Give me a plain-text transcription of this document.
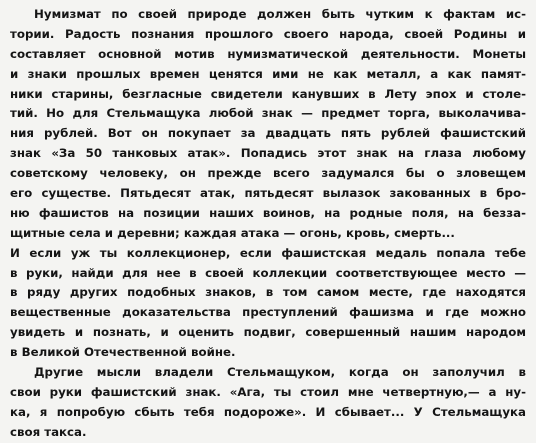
Нумизмат по своей природе должен быть чутким к фактам ис-
тории. Радость познания прошлого своего народа, своей Родины и
составляет основной мотив нумизматической деятельности. Монеты
и знаки прошлых времен ценятся ими не как металл, а как памят-
ники старины, безгласные свидетели канувших в Лету эпох и столе-
тий. Но для Стельмащука любой знак — предмет торга, выколачива-
ния рублей. Вот он покупает за двадцать пять рублей фашистский
знак «За 50 танковых атак». Попадись этот знак на глаза любому
советскому человеку, он прежде всего задумался бы о зловещем
его существе. Пятьдесят атак, пятьдесят вылазок закованных в бро-
ню фашистов на позиции наших воинов, на родные поля, на безза-
щитные села и деревни; каждая атака — огонь, кровь, смерть...
И если уж ты коллекционер, если фашистская медаль попала тебе
в руки, найди для нее в своей коллекции соответствующее место —
в ряду других подобных знаков, в том самом месте, где находятся
вещественные доказательства преступлений фашизма и где можно
увидеть и познать, и оценить подвиг, совершенный нашим народом
в Великой Отечественной войне.
Другие мысли владели Стельмащуком, когда он заполучил в
свои руки фашистский знак. «Ага, ты стоил мне четвертную,— а ну-
ка, я попробую сбыть тебя подороже». И сбывает... У Стельмащука
своя такса.
